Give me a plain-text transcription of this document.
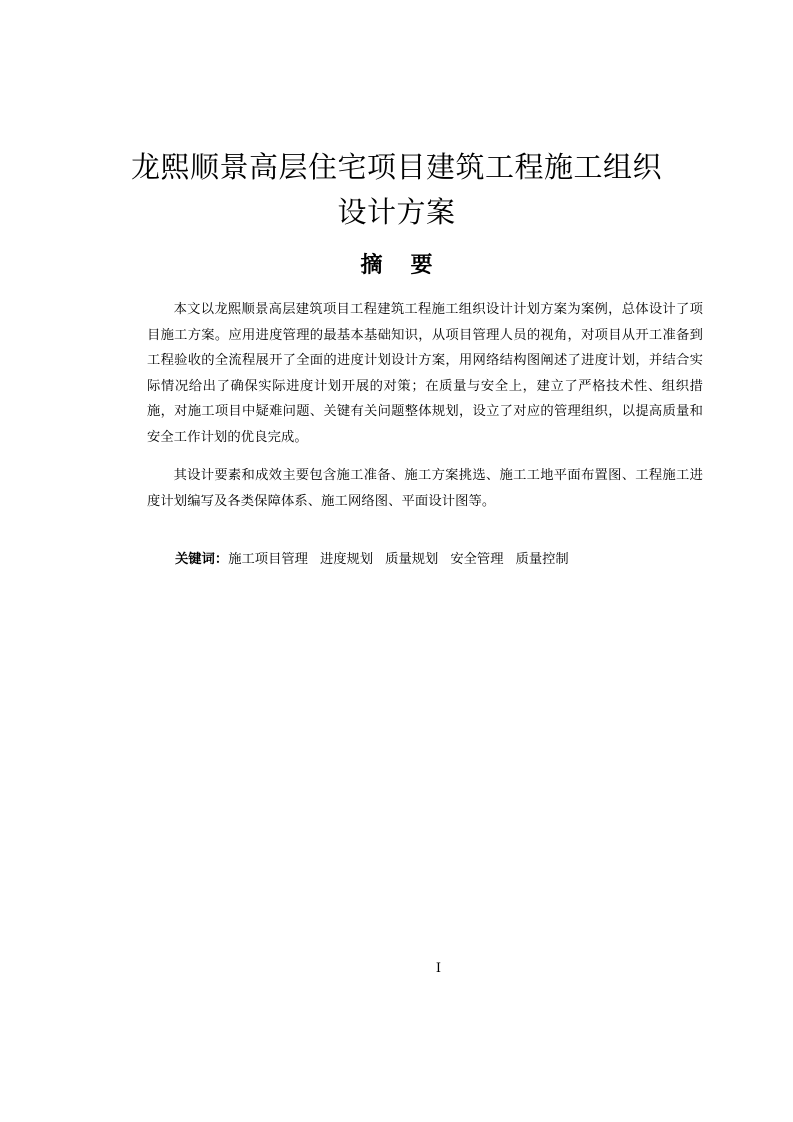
龙熙顺景高层住宅项目建筑工程施工组织
设计方案
摘 要

本文以龙熙顺景高层建筑项目工程建筑工程施工组织设计计划方案为案例，总体设计了项目施工方案。应用进度管理的最基本基础知识，从项目管理人员的视角，对项目从开工准备到工程验收的全流程展开了全面的进度计划设计方案，用网络结构图阐述了进度计划，并结合实际情况给出了确保实际进度计划开展的对策；在质量与安全上，建立了严格技术性、组织措施，对施工项目中疑难问题、关键有关问题整体规划，设立了对应的管理组织，以提高质量和安全工作计划的优良完成。

其设计要素和成效主要包含施工准备、施工方案挑选、施工工地平面布置图、工程施工进度计划编写及各类保障体系、施工网络图、平面设计图等。

关键词：施工项目管理 进度规划 质量规划 安全管理 质量控制
I
